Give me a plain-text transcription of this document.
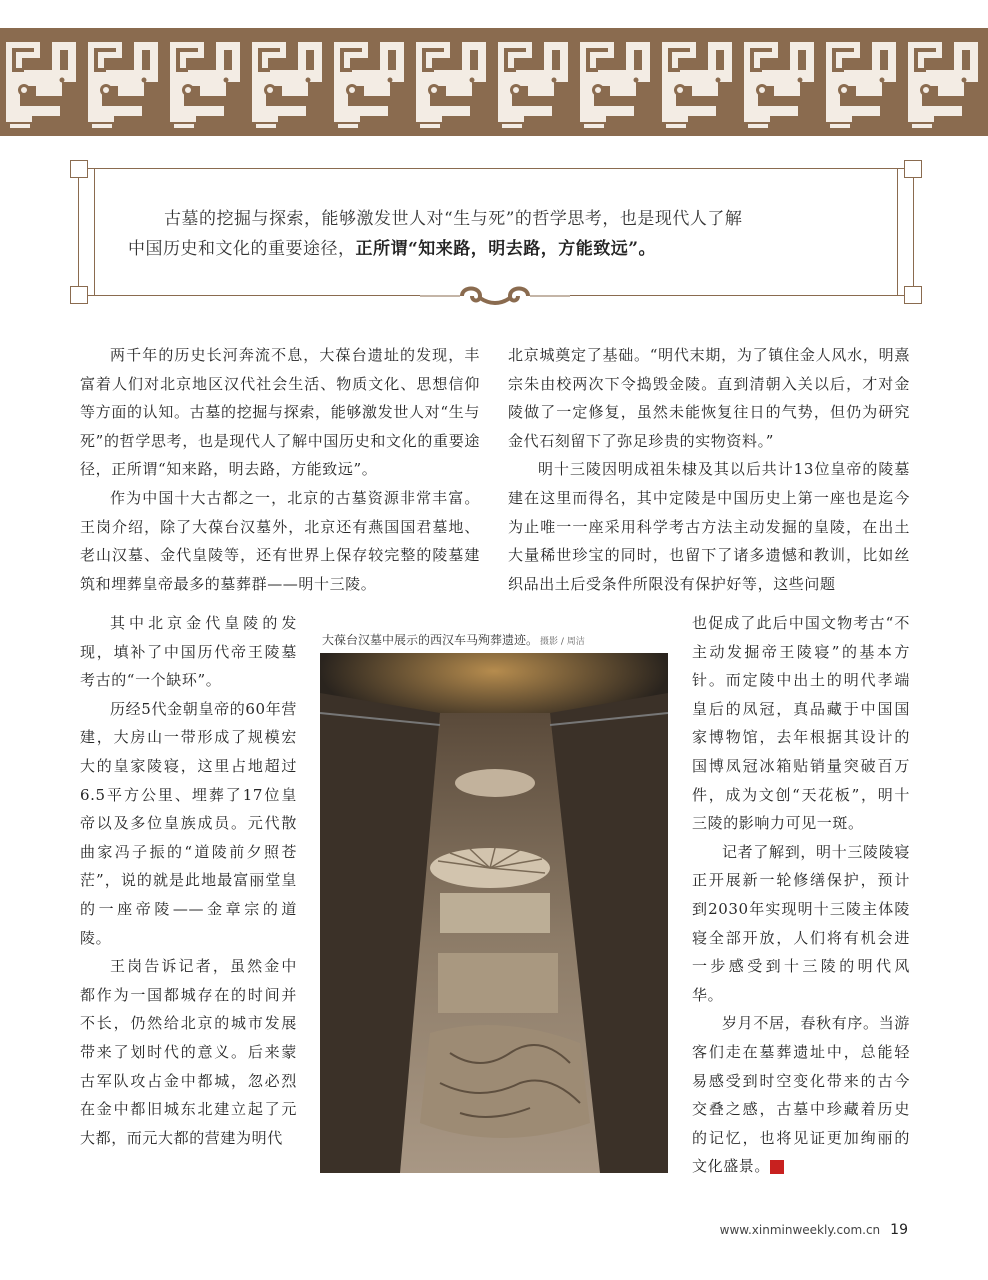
古墓的挖掘与探索，能够激发世人对“生与死”的哲学思考，也是现代人了解
中国历史和文化的重要途径，正所谓“知来路，明去路，方能致远”。

两千年的历史长河奔流不息，大葆台遗址的发现，丰富着人们对北京地区汉代社会生活、物质文化、思想信仰等方面的认知。古墓的挖掘与探索，能够激发世人对“生与死”的哲学思考，也是现代人了解中国历史和文化的重要途径，正所谓“知来路，明去路，方能致远”。

作为中国十大古都之一，北京的古墓资源非常丰富。王岗介绍，除了大葆台汉墓外，北京还有燕国国君墓地、老山汉墓、金代皇陵等，还有世界上保存较完整的陵墓建筑和埋葬皇帝最多的墓葬群——明十三陵。

其中北京金代皇陵的发现，填补了中国历代帝王陵墓考古的“一个缺环”。

历经5代金朝皇帝的60年营建，大房山一带形成了规模宏大的皇家陵寝，这里占地超过6.5平方公里、埋葬了17位皇帝以及多位皇族成员。元代散曲家冯子振的“道陵前夕照苍茫”，说的就是此地最富丽堂皇的一座帝陵——金章宗的道陵。

王岗告诉记者，虽然金中都作为一国都城存在的时间并不长，仍然给北京的城市发展带来了划时代的意义。后来蒙古军队攻占金中都城，忽必烈在金中都旧城东北建立起了元大都，而元大都的营建为明代

北京城奠定了基础。“明代末期，为了镇住金人风水，明熹宗朱由校两次下令捣毁金陵。直到清朝入关以后，才对金陵做了一定修复，虽然未能恢复往日的气势，但仍为研究金代石刻留下了弥足珍贵的实物资料。”

明十三陵因明成祖朱棣及其以后共计13位皇帝的陵墓建在这里而得名，其中定陵是中国历史上第一座也是迄今为止唯一一座采用科学考古方法主动发掘的皇陵，在出土大量稀世珍宝的同时，也留下了诸多遗憾和教训，比如丝织品出土后受条件所限没有保护好等，这些问题

也促成了此后中国文物考古“不主动发掘帝王陵寝”的基本方针。而定陵中出土的明代孝端皇后的凤冠，真品藏于中国国家博物馆，去年根据其设计的国博凤冠冰箱贴销量突破百万件，成为文创“天花板”，明十三陵的影响力可见一斑。

记者了解到，明十三陵陵寝正开展新一轮修缮保护，预计到2030年实现明十三陵主体陵寝全部开放，人们将有机会进一步感受到十三陵的明代风华。

岁月不居，春秋有序。当游客们走在墓葬遗址中，总能轻易感受到时空变化带来的古今交叠之感，古墓中珍藏着历史的记忆，也将见证更加绚丽的文化盛景。	民

大葆台汉墓中展示的西汉车马殉葬遗迹。 摄影 / 周洁
www.xinminweekly.com.cn 19
